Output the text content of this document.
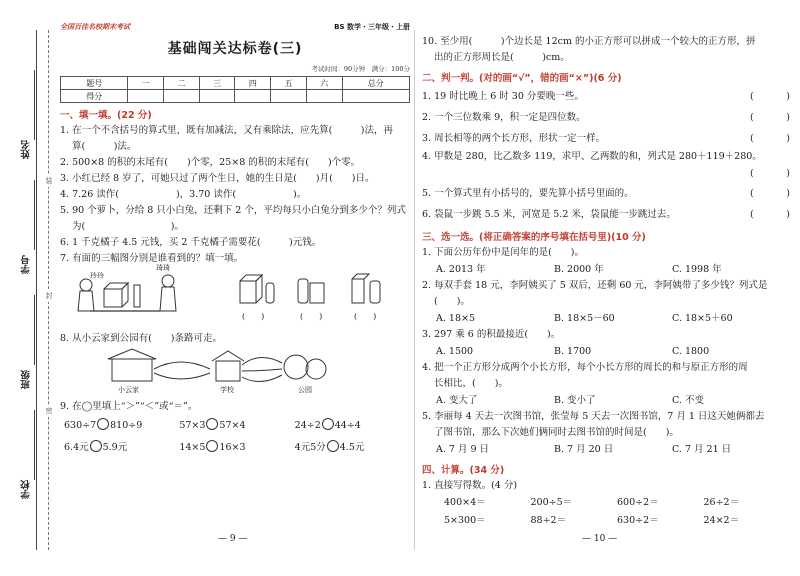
姓名
学号
班级
学校
装
封
密
全国百佳名校期末考试	BS 数学・三年级・上册
基础闯关达标卷(三)
考试时间：90分钟　满分：100分
题号	一	二	三	四	五	六	总分
得分							
一、填一填。(22 分)
1. 在一个不含括号的算式里，既有加减法，又有乘除法，应先算(　　　)法，再
算(　　　)法。
2. 500×8 的积的末尾有(　　)个零，25×8 的积的末尾有(　　)个零。
3. 小红已经 8 岁了，可她只过了两个生日，她的生日是(　　)月(　　)日。
4. 7.26 读作(　　　　　　)，3.70 读作(　　　　　　)。
5. 90 个萝卜，分给 8 只小白兔，还剩下 2 个，平均每只小白兔分到多少个？列式
为(　　　　　　　　　)。
6. 1 千克橘子 4.5 元钱，买 2 千克橘子需要花(　　　)元钱。
7. 有面的三幅图分别是谁看到的？填一填。
玲玲
琦琦
(　　)	(　　)	(　　)
8. 从小云家到公园有(　　)条路可走。
小云家	学校	公园
9. 在◯里填上“＞”“＜”或“＝”。
630÷7 810÷9	57×3 57×4	24÷2 44÷4
6.4元 5.9元	14×5 16×3	4元5分 4.5元
— 9 —
10. 至少用(　　　)个边长是 12cm 的小正方形可以拼成一个较大的正方形，拼
出的正方形周长是(　　　)cm。
二、判一判。(对的画“√”，错的画“×”)(6 分)
1. 19 时比晚上 6 时 30 分要晚一些。	(	)
2. 一个三位数乘 9，积一定是四位数。	(	)
3. 周长相等的两个长方形，形状一定一样。	(	)
4. 甲数是 280，比乙数多 119，求甲、乙两数的和，列式是 280＋119＋280。
(	)
5. 一个算式里有小括号的，要先算小括号里面的。	(	)
6. 袋鼠一步跳 5.5 米，河宽是 5.2 米，袋鼠能一步跳过去。	(	)
三、选一选。(将正确答案的序号填在括号里)(10 分)
1. 下面公历年份中是闰年的是(　　)。
A. 2013 年	B. 2000 年	C. 1998 年
2. 每双手套 18 元，李阿姨买了 5 双后，还剩 60 元，李阿姨带了多少钱？列式是
(　　)。
A. 18×5	B. 18×5－60	C. 18×5＋60
3. 297 乘 6 的积最接近(　　)。
A. 1500	B. 1700	C. 1800
4. 把一个正方形分成两个小长方形，每个小长方形的周长的和与原正方形的周
长相比，(　　)。
A. 变大了	B. 变小了	C. 不变
5. 李丽每 4 天去一次图书馆，张莹每 5 天去一次图书馆，7 月 1 日这天她俩都去
了图书馆，那么下次她们俩同时去图书馆的时间是(　　)。
A. 7 月 9 日	B. 7 月 20 日	C. 7 月 21 日
四、计算。(34 分)
1. 直接写得数。(4 分)
400×4＝	200÷5＝	600÷2＝	26÷2＝
5×300＝	88÷2＝	630÷2＝	24×2＝
— 10 —
